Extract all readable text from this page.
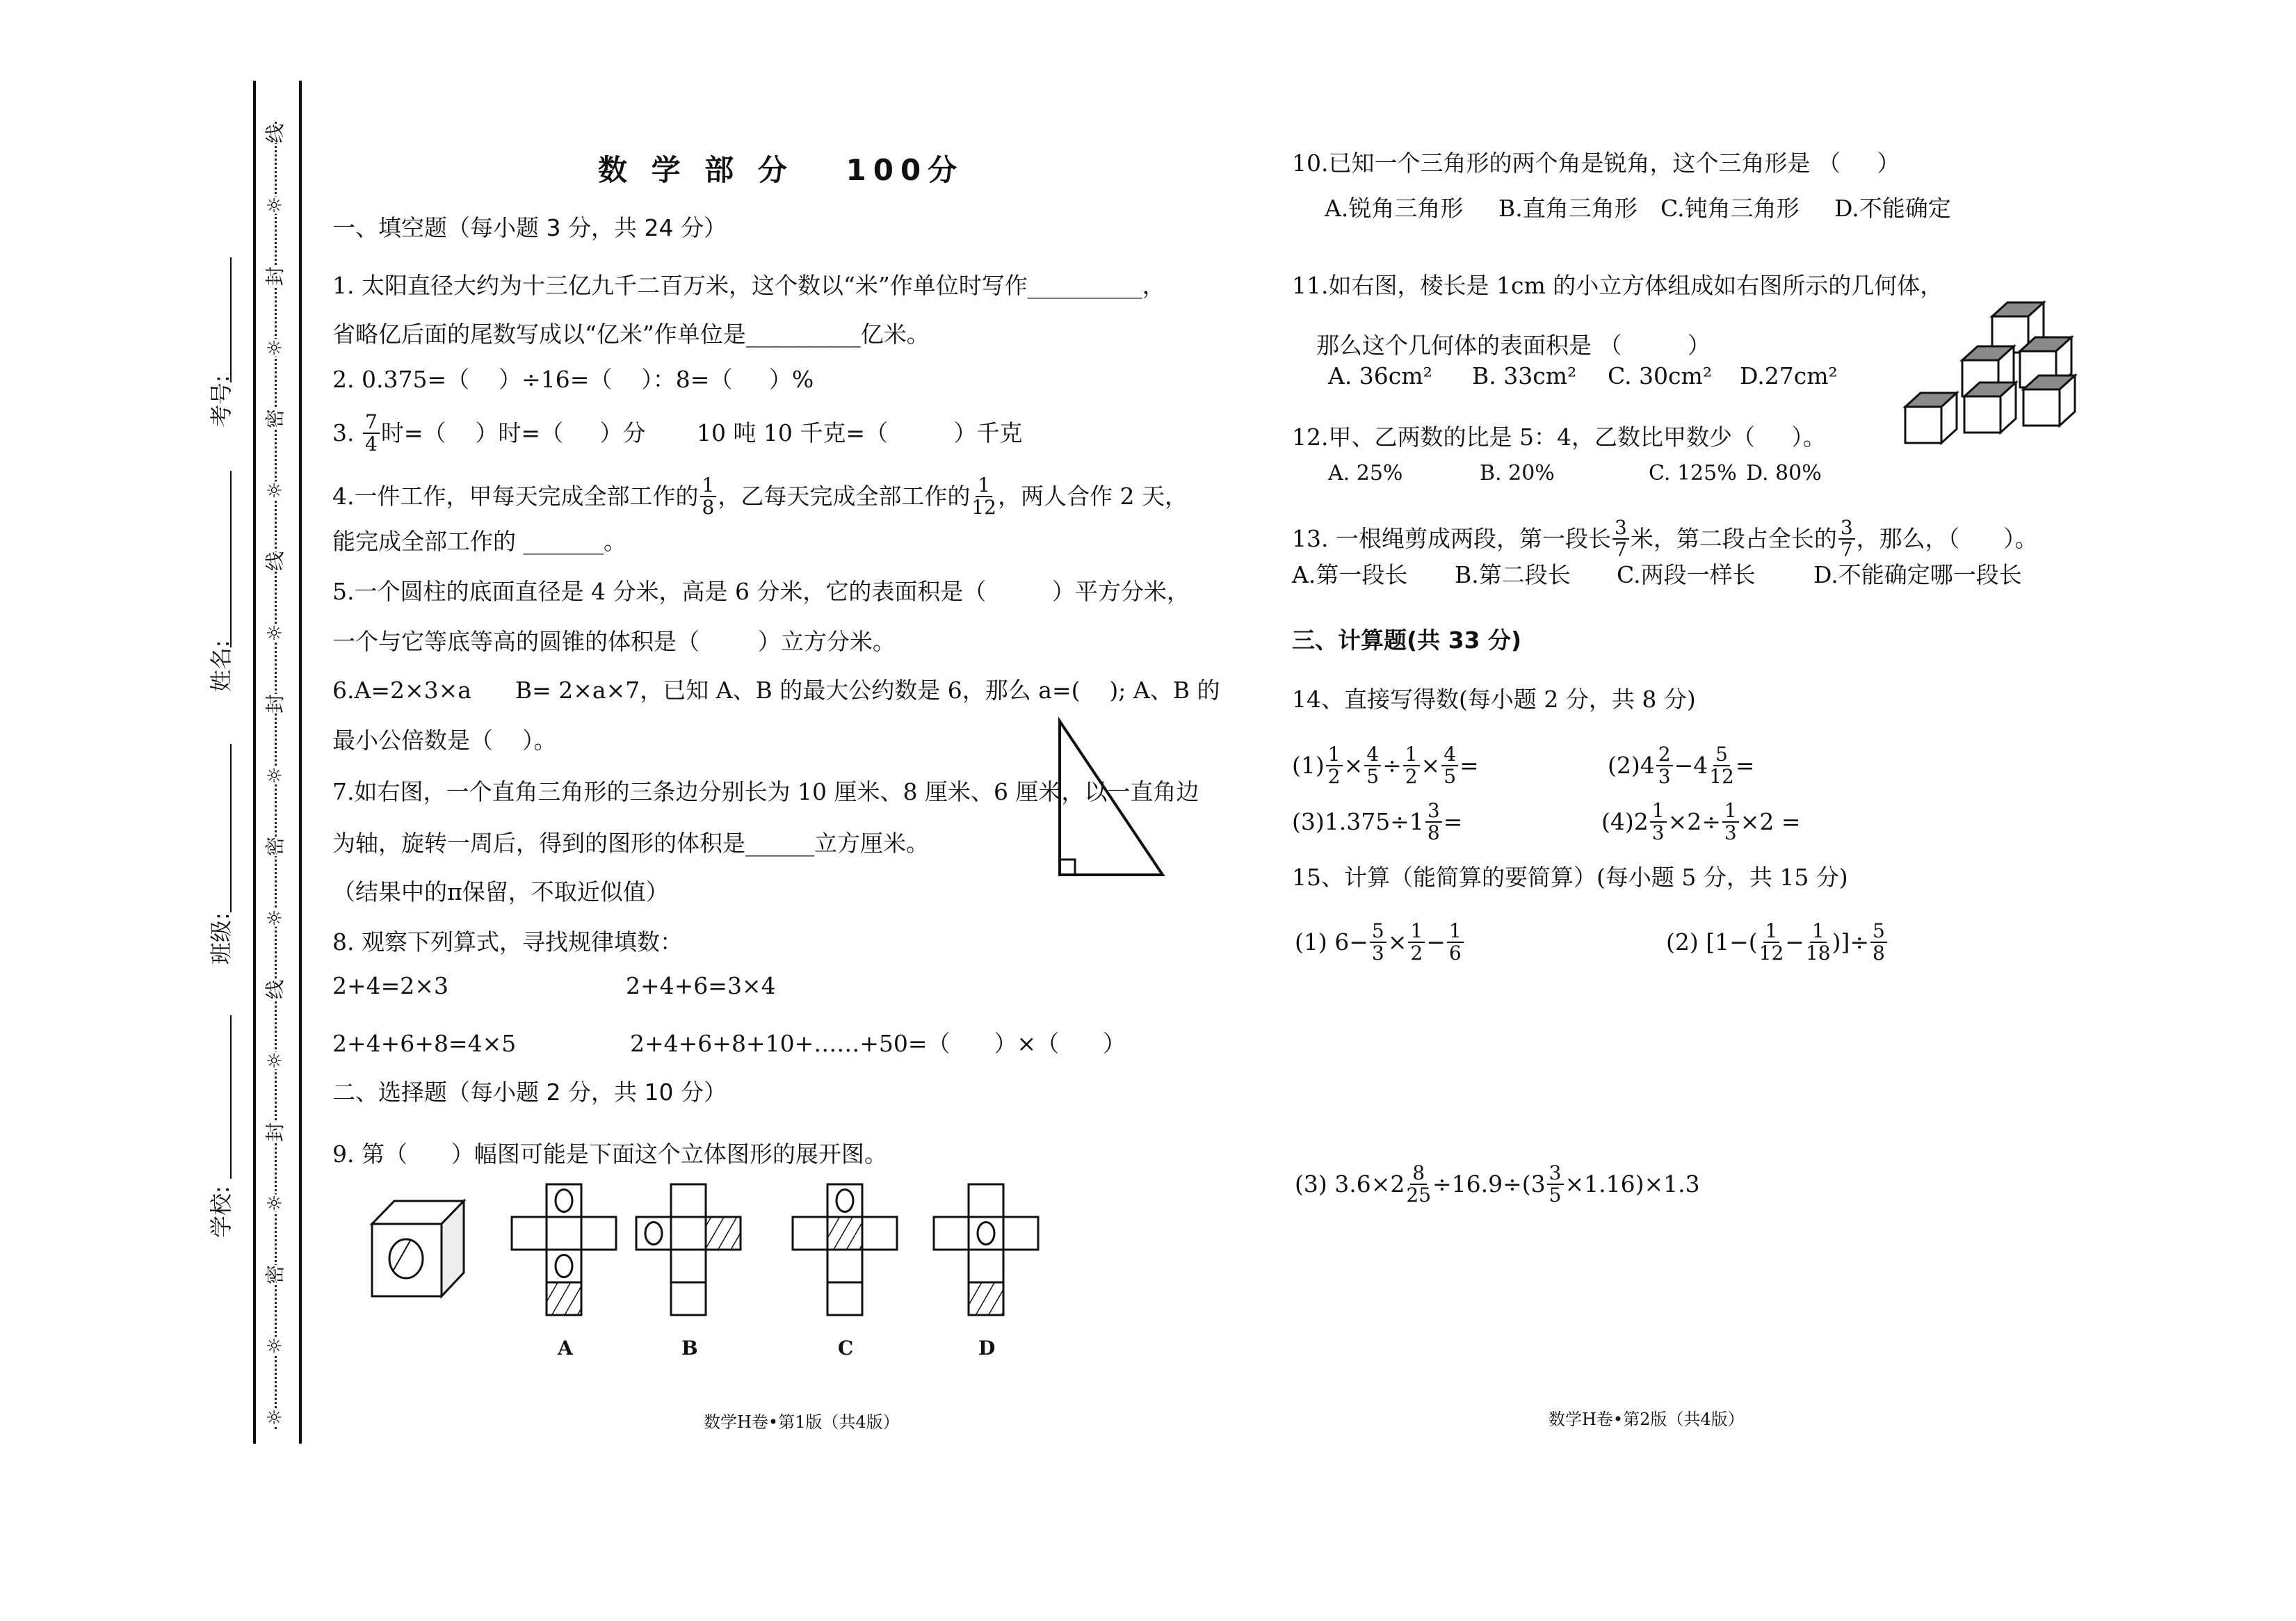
线
☼
封
☼
密
☼
线
☼
封
☼
密
☼
线
☼
封
☼
密
☼
☼
学校:
班级:
姓名:
考号:
数 学 部 分 100分
一、填空题（每小题 3 分，共 24 分）
1. 太阳直径大约为十三亿九千二百万米，这个数以“米”作单位时写作__________，
省略亿后面的尾数写成以“亿米”作单位是__________亿米。
2. 0.375=（    ）÷16=（    ）：8=（     ）%
3. $\frac{7}{4}$ 时=（    ）时=（     ）分       10 吨 10 千克=（         ）千克
4.一件工作，甲每天完成全部工作的 $\frac{1}{8}$ ，乙每天完成全部工作的 $\frac{1}{12}$ ，两人合作 2 天，
能完成全部工作的 _______。
5.一个圆柱的底面直径是 4 分米，高是 6 分米，它的表面积是（         ）平方分米，
一个与它等底等高的圆锥的体积是（        ）立方分米。
6.A=2×3×a      B= 2×a×7，已知 A、B 的最大公约数是 6，那么 a=(    ); A、B 的
最小公倍数是（    ）。
7.如右图，一个直角三角形的三条边分别长为 10 厘米、8 厘米、6 厘米，以一直角边
为轴，旋转一周后，得到的图形的体积是______立方厘米。
（结果中的π保留，不取近似值）
8. 观察下列算式，寻找规律填数：
2+4=2×3	2+4+6=3×4
2+4+6+8=4×5	2+4+6+8+10+……+50=（      ）×（      ）
二、选择题（每小题 2 分，共 10 分）
9. 第（      ）幅图可能是下面这个立体图形的展开图。
A	B	C	D
数学H卷•第1版（共4版）
10.已知一个三角形的两个角是锐角，这个三角形是 （     ）
A.锐角三角形 B.直角三角形 C.钝角三角形 D.不能确定
11.如右图，棱长是 1cm 的小立方体组成如右图所示的几何体，
那么这个几何体的表面积是 （         ）
A. 36cm² B. 33cm² C. 30cm² D.27cm²
12.甲、乙两数的比是 5：4，乙数比甲数少（     ）。
A. 25%	B. 20%	C. 125% D. 80%
13. 一根绳剪成两段，第一段长 $\frac{3}{7}$ 米，第二段占全长的 $\frac{3}{7}$ ，那么，（      ）。
A.第一段长 B.第二段长 C.两段一样长	D.不能确定哪一段长
三、计算题(共 33 分)
14、直接写得数(每小题 2 分，共 8 分)
$(1) \frac{1}{2} \times \frac{4}{5} \div \frac{1}{2} \times \frac{4}{5}$ =	$(2)4 \frac{2}{3} -4 \frac{5}{12}$ =
$(3)1.375\div 1 \frac{3}{8}$ =	$(4)2 \frac{1}{3} \times 2\div \frac{1}{3} \times 2$ =
15、计算（能简算的要简算）(每小题 5 分，共 15 分)
(1) $6- \frac{5}{3} \times \frac{1}{2} - \frac{1}{6}$	(2) [$1-( \frac{1}{12} - \frac{1}{18}$ )]÷ $\frac{5}{8}$
(3) $3.6\times 2 \frac{8}{25} \div 16.9\div(3 \frac{3}{5} \times 1.16)\times 1.3$
数学H卷•第2版（共4版）
